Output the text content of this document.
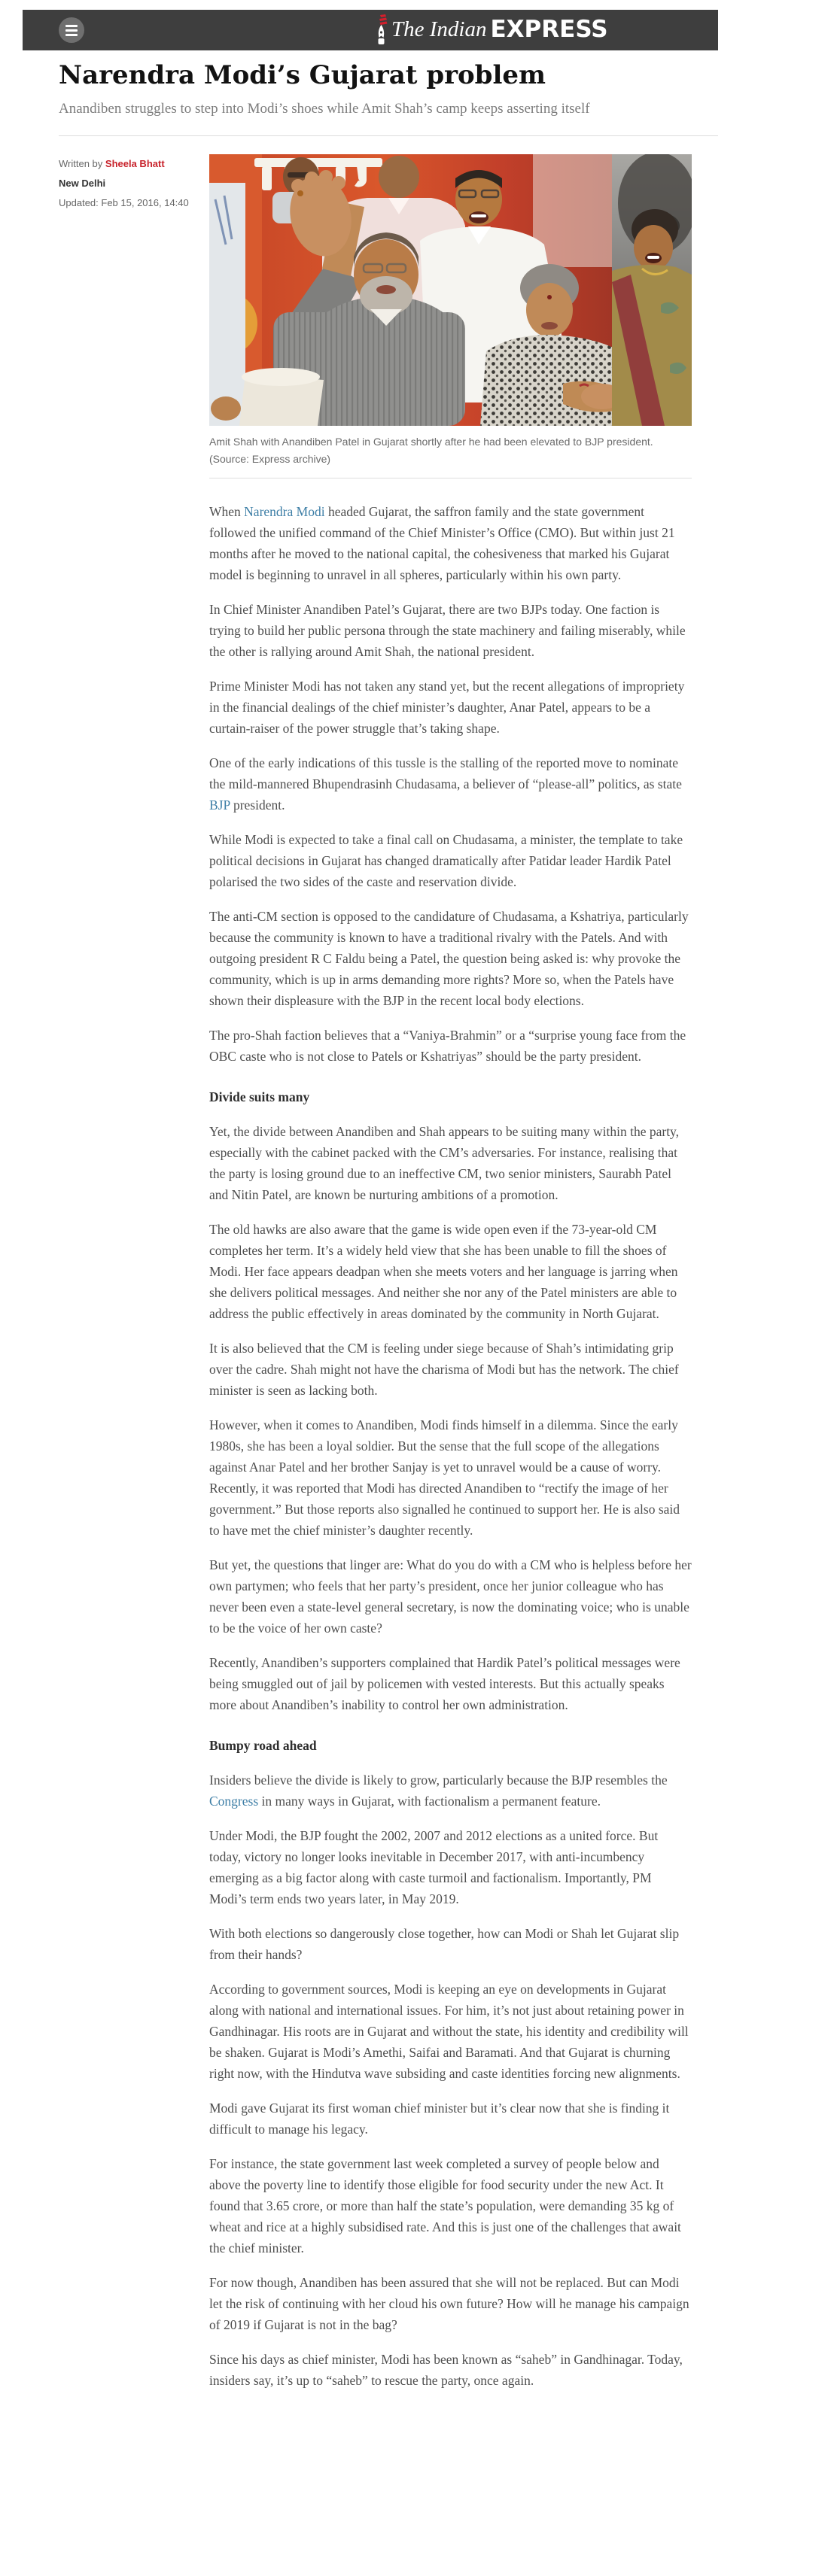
The Indian EXPRESS
Narendra Modi’s Gujarat problem
Anandiben struggles to step into Modi’s shoes while Amit Shah’s camp keeps asserting itself
Written by Sheela Bhatt
New Delhi
Updated: Feb 15, 2016, 14:40
Amit Shah with Anandiben Patel in Gujarat shortly after he had been elevated to BJP president. (Source: Express archive)

When Narendra Modi headed Gujarat, the saffron family and the state government followed the unified command of the Chief Minister’s Office (CMO). But within just 21 months after he moved to the national capital, the cohesiveness that marked his Gujarat model is beginning to unravel in all spheres, particularly within his own party.

In Chief Minister Anandiben Patel’s Gujarat, there are two BJPs today. One faction is trying to build her public persona through the state machinery and failing miserably, while the other is rallying around Amit Shah, the national president.

Prime Minister Modi has not taken any stand yet, but the recent allegations of impropriety in the financial dealings of the chief minister’s daughter, Anar Patel, appears to be a curtain-raiser of the power struggle that’s taking shape.

One of the early indications of this tussle is the stalling of the reported move to nominate the mild-mannered Bhupendrasinh Chudasama, a believer of “please-all” politics, as state BJP president.

While Modi is expected to take a final call on Chudasama, a minister, the template to take political decisions in Gujarat has changed dramatically after Patidar leader Hardik Patel polarised the two sides of the caste and reservation divide.

The anti-CM section is opposed to the candidature of Chudasama, a Kshatriya, particularly because the community is known to have a traditional rivalry with the Patels. And with outgoing president R C Faldu being a Patel, the question being asked is: why provoke the community, which is up in arms demanding more rights? More so, when the Patels have shown their displeasure with the BJP in the recent local body elections.

The pro-Shah faction believes that a “Vaniya-Brahmin” or a “surprise young face from the OBC caste who is not close to Patels or Kshatriyas” should be the party president.

Divide suits many

Yet, the divide between Anandiben and Shah appears to be suiting many within the party, especially with the cabinet packed with the CM’s adversaries. For instance, realising that the party is losing ground due to an ineffective CM, two senior ministers, Saurabh Patel and Nitin Patel, are known be nurturing ambitions of a promotion.

The old hawks are also aware that the game is wide open even if the 73-year-old CM completes her term. It’s a widely held view that she has been unable to fill the shoes of Modi. Her face appears deadpan when she meets voters and her language is jarring when she delivers political messages. And neither she nor any of the Patel ministers are able to address the public effectively in areas dominated by the community in North Gujarat.

It is also believed that the CM is feeling under siege because of Shah’s intimidating grip over the cadre. Shah might not have the charisma of Modi but has the network. The chief minister is seen as lacking both.

However, when it comes to Anandiben, Modi finds himself in a dilemma. Since the early 1980s, she has been a loyal soldier. But the sense that the full scope of the allegations against Anar Patel and her brother Sanjay is yet to unravel would be a cause of worry. Recently, it was reported that Modi has directed Anandiben to “rectify the image of her government.” But those reports also signalled he continued to support her. He is also said to have met the chief minister’s daughter recently.

But yet, the questions that linger are: What do you do with a CM who is helpless before her own partymen; who feels that her party’s president, once her junior colleague who has never been even a state-level general secretary, is now the dominating voice; who is unable to be the voice of her own caste?

Recently, Anandiben’s supporters complained that Hardik Patel’s political messages were being smuggled out of jail by policemen with vested interests. But this actually speaks more about Anandiben’s inability to control her own administration.

Bumpy road ahead

Insiders believe the divide is likely to grow, particularly because the BJP resembles the Congress in many ways in Gujarat, with factionalism a permanent feature.

Under Modi, the BJP fought the 2002, 2007 and 2012 elections as a united force. But today, victory no longer looks inevitable in December 2017, with anti-incumbency emerging as a big factor along with caste turmoil and factionalism. Importantly, PM Modi’s term ends two years later, in May 2019.

With both elections so dangerously close together, how can Modi or Shah let Gujarat slip from their hands?

According to government sources, Modi is keeping an eye on developments in Gujarat along with national and international issues. For him, it’s not just about retaining power in Gandhinagar. His roots are in Gujarat and without the state, his identity and credibility will be shaken. Gujarat is Modi’s Amethi, Saifai and Baramati. And that Gujarat is churning right now, with the Hindutva wave subsiding and caste identities forcing new alignments.

Modi gave Gujarat its first woman chief minister but it’s clear now that she is finding it difficult to manage his legacy.

For instance, the state government last week completed a survey of people below and above the poverty line to identify those eligible for food security under the new Act. It found that 3.65 crore, or more than half the state’s population, were demanding 35 kg of wheat and rice at a highly subsidised rate. And this is just one of the challenges that await the chief minister.

For now though, Anandiben has been assured that she will not be replaced. But can Modi let the risk of continuing with her cloud his own future? How will he manage his campaign of 2019 if Gujarat is not in the bag?

Since his days as chief minister, Modi has been known as “saheb” in Gandhinagar. Today, insiders say, it’s up to “saheb” to rescue the party, once again.
